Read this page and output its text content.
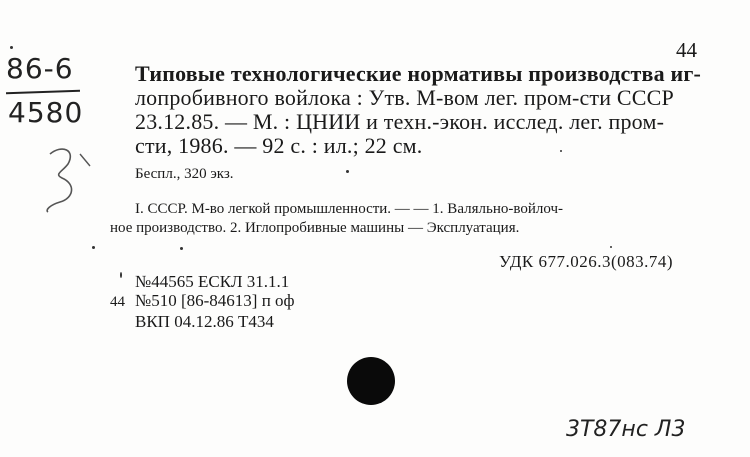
86-6
4580
44
Типовые технологические нормативы производства иг-
лопробивного войлока : Утв. М-вом лег. пром-сти СССР
23.12.85. — М. : ЦНИИ и техн.-экон. исслед. лег. пром-
сти, 1986. — 92 с. : ил.; 22 см.
Беспл., 320 экз.
I. СССР. М-во легкой промышленности. — — 1. Валяльно-войлоч-
ное производство. 2. Иглопробивные машины — Эксплуатация.
УДК 677.026.3(083.74)
№44565 ЕСКЛ 31.1.1
44 №510 [86-84613] п оф
ВКП 04.12.86 Т434
3Т87нс Л3
